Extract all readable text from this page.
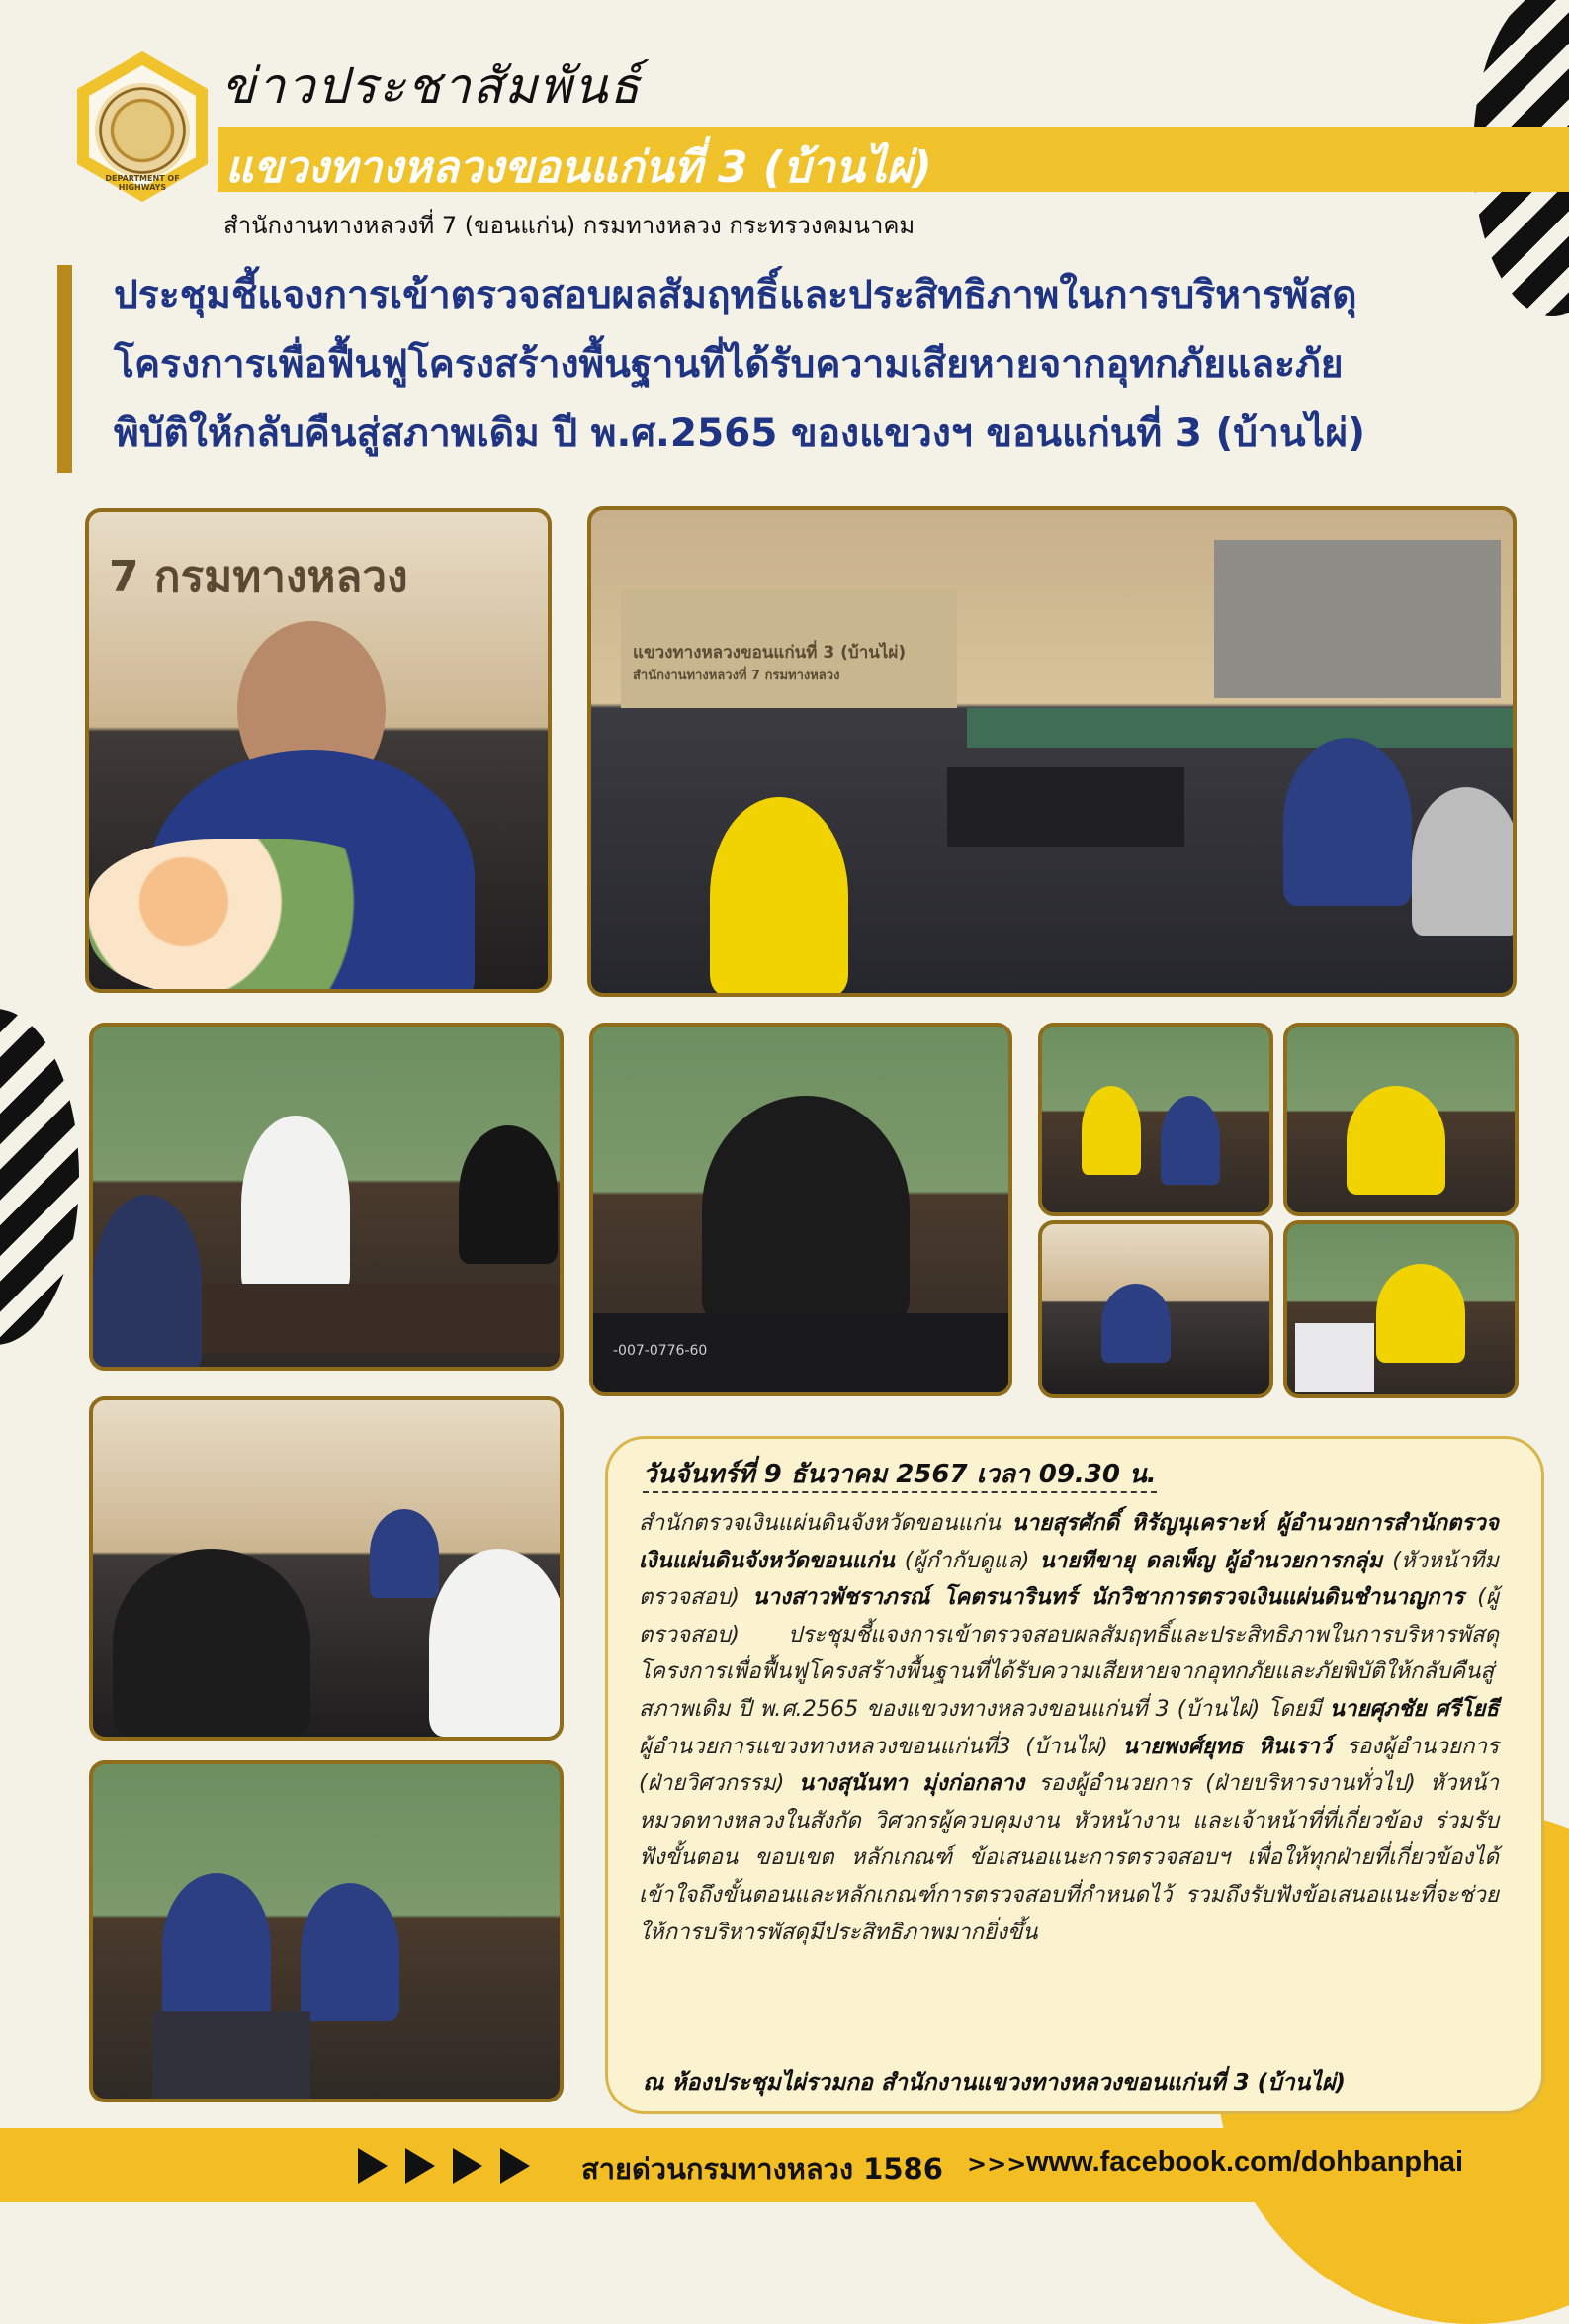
DEPARTMENT OF HIGHWAYS
ข่าวประชาสัมพันธ์
แขวงทางหลวงขอนแก่นที่ 3 (บ้านไผ่)
สำนักงานทางหลวงที่ 7 (ขอนแก่น) กรมทางหลวง กระทรวงคมนาคม
ประชุมชี้แจงการเข้าตรวจสอบผลสัมฤทธิ์และประสิทธิภาพในการบริหารพัสดุ
โครงการเพื่อฟื้นฟูโครงสร้างพื้นฐานที่ได้รับความเสียหายจากอุทกภัยและภัย
พิบัติให้กลับคืนสู่สภาพเดิม ปี พ.ศ.2565 ของแขวงฯ ขอนแก่นที่ 3 (บ้านไผ่)
7 กรมทางหลวง
แขวงทางหลวงขอนแก่นที่ 3 (บ้านไผ่)
สำนักงานทางหลวงที่ 7 กรมทางหลวง
-007-0776-60
วันจันทร์ที่ 9 ธันวาคม 2567 เวลา 09.30 น.
สำนักตรวจเงินแผ่นดินจังหวัดขอนแก่น นายสุรศักดิ์ หิรัญนุเคราะห์ ผู้อำนวยการสำนักตรวจเงินแผ่นดินจังหวัดขอนแก่น (ผู้กำกับดูแล) นายทีขายุ ดลเพ็ญ ผู้อำนวยการกลุ่ม (หัวหน้าทีมตรวจสอบ) นางสาวพัชราภรณ์ โคตรนารินทร์ นักวิชาการตรวจเงินแผ่นดินชำนาญการ (ผู้ตรวจสอบ) ประชุมชี้แจงการเข้าตรวจสอบผลสัมฤทธิ์และประสิทธิภาพในการบริหารพัสดุ โครงการเพื่อฟื้นฟูโครงสร้างพื้นฐานที่ได้รับความเสียหายจากอุทกภัยและภัยพิบัติให้กลับคืนสู่สภาพเดิม ปี พ.ศ.2565 ของแขวงทางหลวงขอนแก่นที่ 3 (บ้านไผ่) โดยมี นายศุภชัย ศรีโยธี ผู้อำนวยการแขวงทางหลวงขอนแก่นที่3 (บ้านไผ่) นายพงศ์ยุทธ หินเราว์ รองผู้อำนวยการ (ฝ่ายวิศวกรรม) นางสุนันทา มุ่งก่อกลาง รองผู้อำนวยการ (ฝ่ายบริหารงานทั่วไป) หัวหน้าหมวดทางหลวงในสังกัด วิศวกรผู้ควบคุมงาน หัวหน้างาน และเจ้าหน้าที่ที่เกี่ยวข้อง ร่วมรับฟังขั้นตอน ขอบเขต หลักเกณฑ์ ข้อเสนอแนะการตรวจสอบฯ เพื่อให้ทุกฝ่ายที่เกี่ยวข้องได้เข้าใจถึงขั้นตอนและหลักเกณฑ์การตรวจสอบที่กำหนดไว้ รวมถึงรับฟังข้อเสนอแนะที่จะช่วยให้การบริหารพัสดุมีประสิทธิภาพมากยิ่งขึ้น
ณ ห้องประชุมไผ่รวมกอ สำนักงานแขวงทางหลวงขอนแก่นที่ 3 (บ้านไผ่)
สายด่วนกรมทางหลวง 1586 >>> www.facebook.com/dohbanphai
